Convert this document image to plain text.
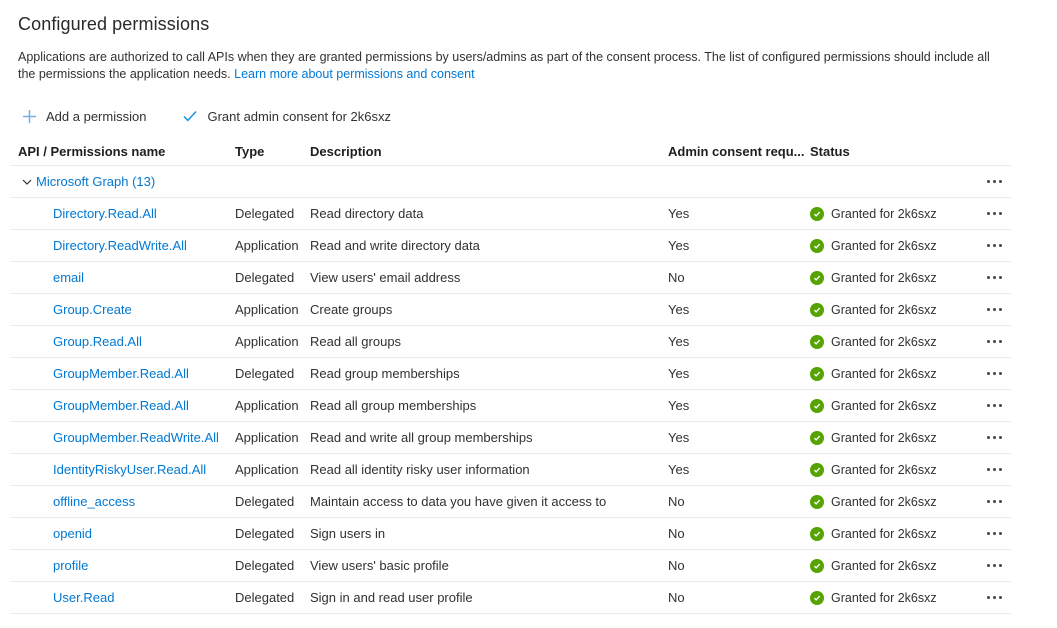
Configured permissions
Applications are authorized to call APIs when they are granted permissions by users/admins as part of the consent process. The list of configured permissions should include all the permissions the application needs. Learn more about permissions and consent
Add a permission	Grant admin consent for 2k6sxz
API / Permissions name	Type	Description	Admin consent requ... Status
Microsoft Graph (13)
Directory.Read.All	Delegated	Read directory data	Yes	Granted for 2k6sxz
Directory.ReadWrite.All	Application Read and write directory data	Yes	Granted for 2k6sxz
email	Delegated	View users' email address	No	Granted for 2k6sxz
Group.Create	Application Create groups	Yes	Granted for 2k6sxz
Group.Read.All	Application Read all groups	Yes	Granted for 2k6sxz
GroupMember.Read.All	Delegated	Read group memberships	Yes	Granted for 2k6sxz
GroupMember.Read.All	Application Read all group memberships	Yes	Granted for 2k6sxz
GroupMember.ReadWrite.All	Application Read and write all group memberships	Yes	Granted for 2k6sxz
IdentityRiskyUser.Read.All	Application Read all identity risky user information	Yes	Granted for 2k6sxz
offline_access	Delegated	Maintain access to data you have given it access to	No	Granted for 2k6sxz
openid	Delegated	Sign users in	No	Granted for 2k6sxz
profile	Delegated	View users' basic profile	No	Granted for 2k6sxz
User.Read	Delegated	Sign in and read user profile	No	Granted for 2k6sxz
